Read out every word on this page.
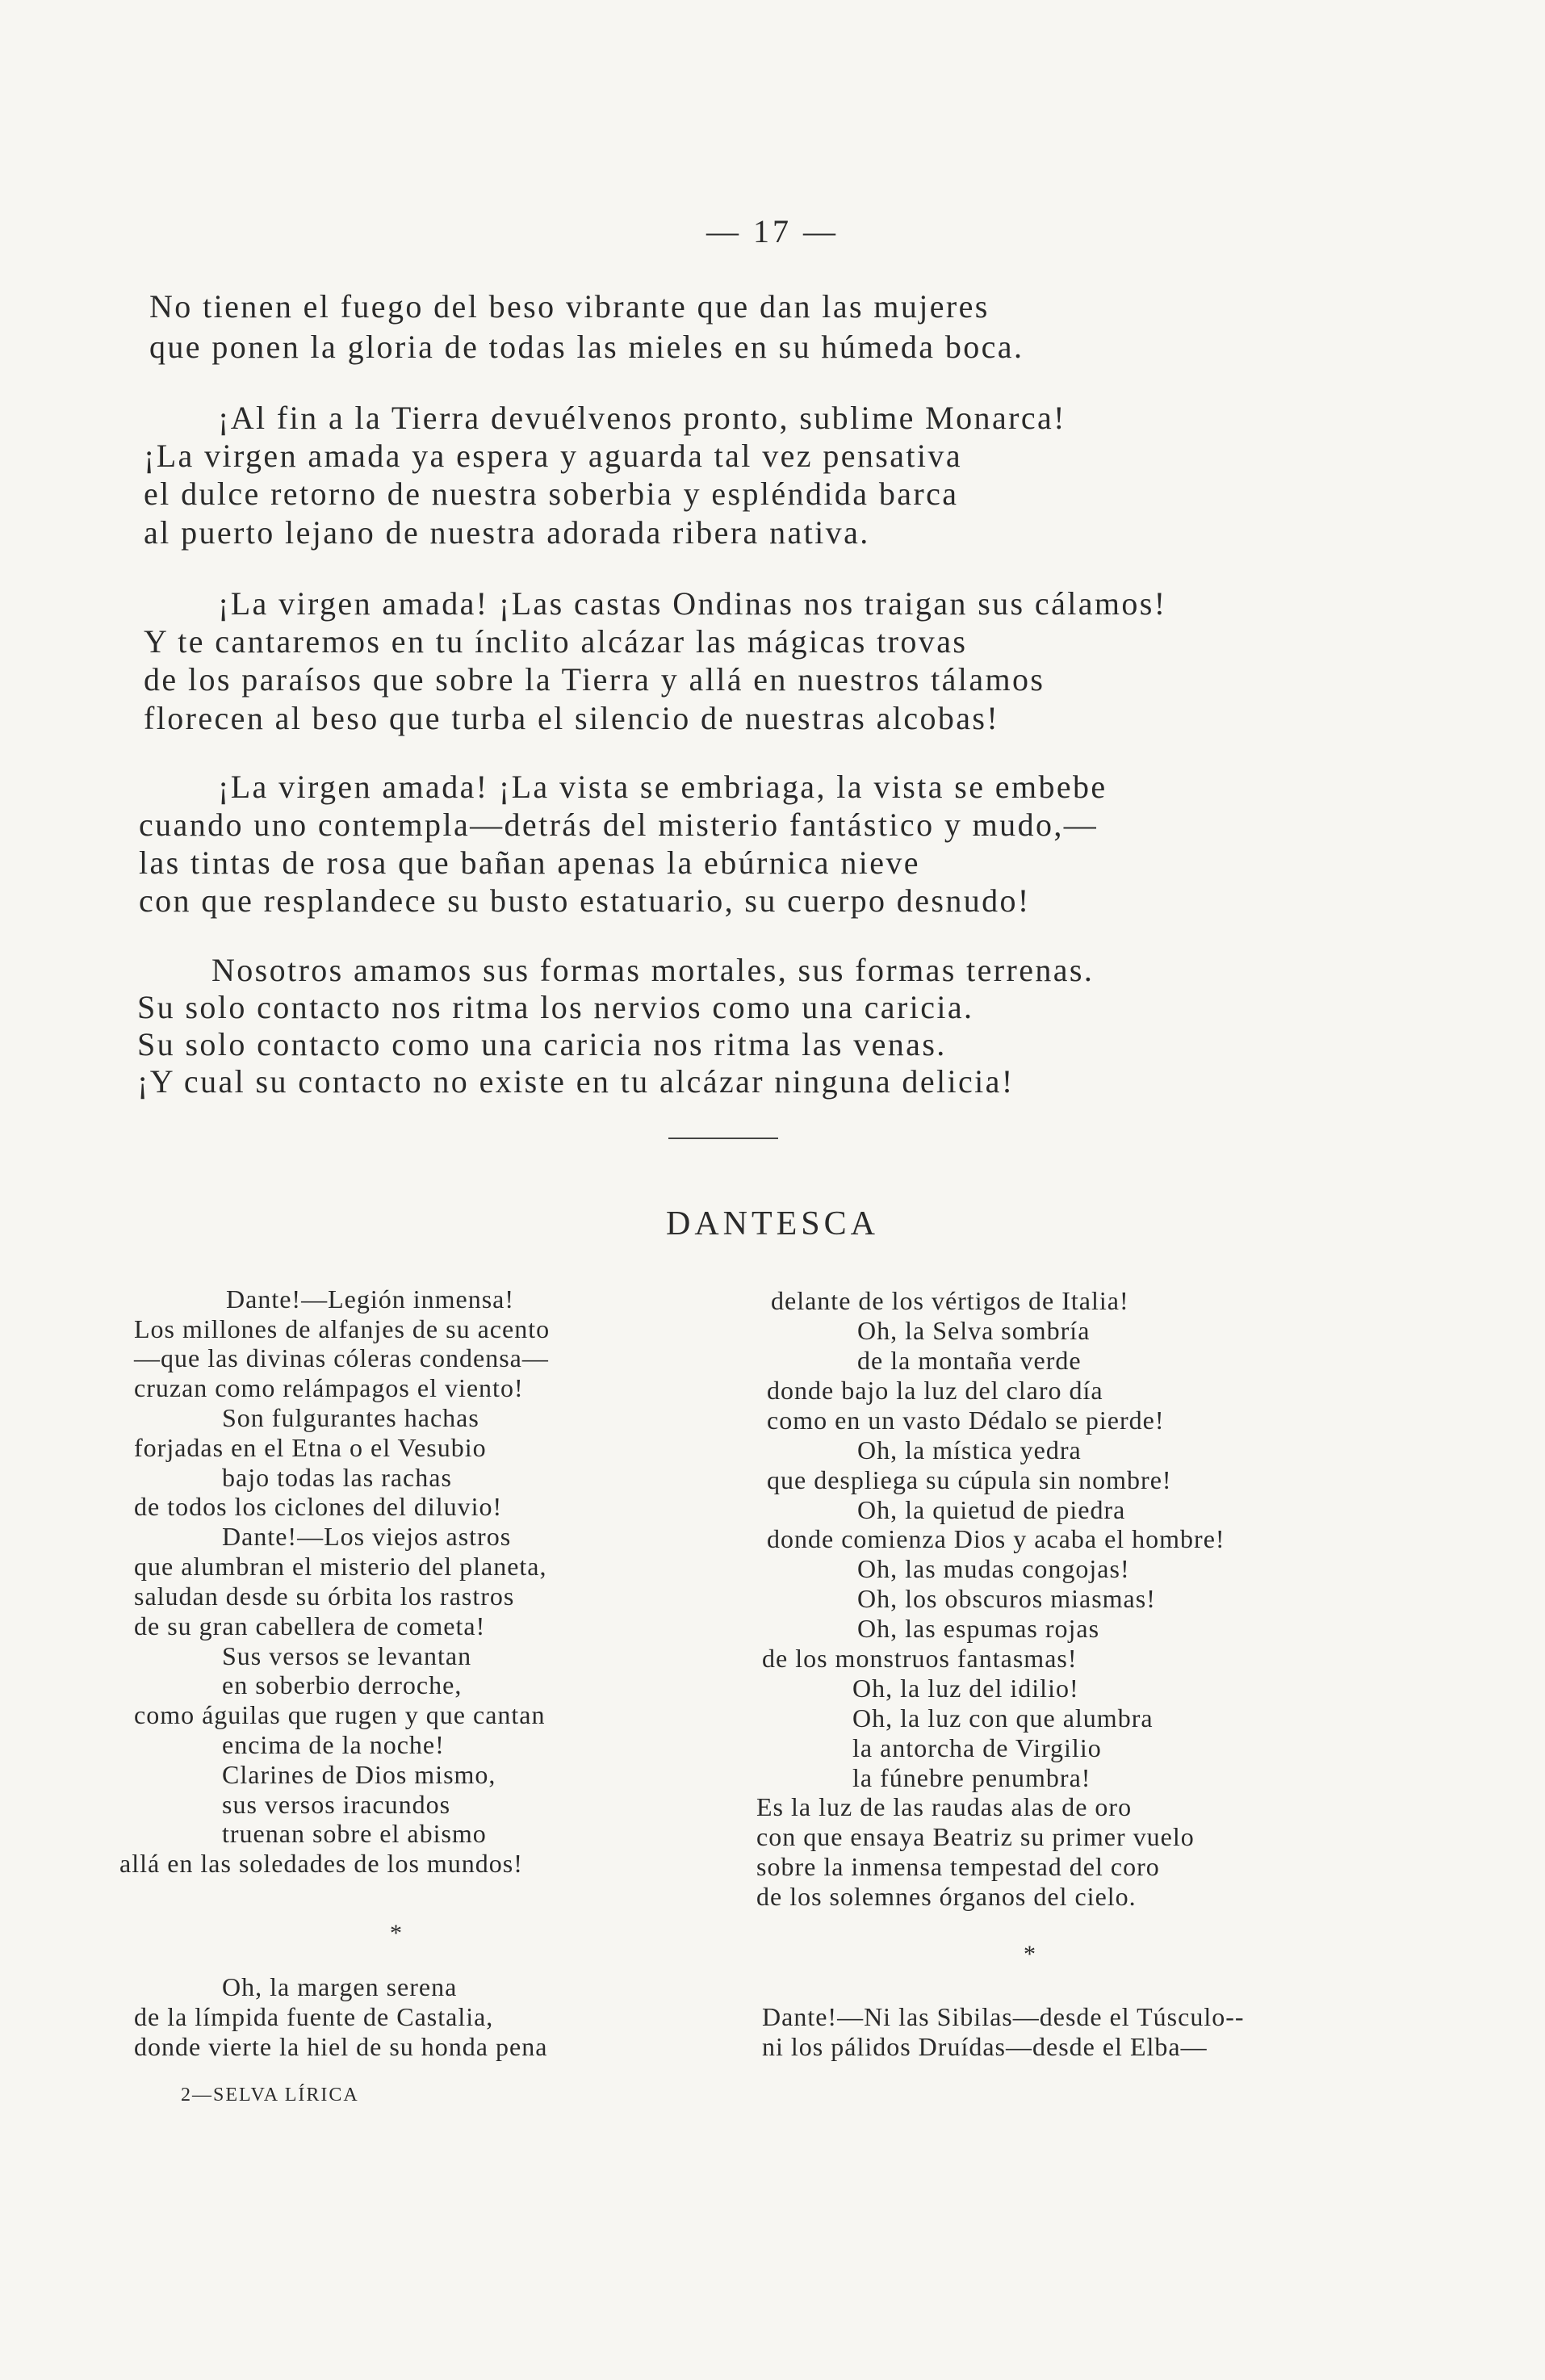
— 17 —
No tienen el fuego del beso vibrante que dan las mujeres
que ponen la gloria de todas las mieles en su húmeda boca.
¡Al fin a la Tierra devuélvenos pronto, sublime Monarca!
¡La virgen amada ya espera y aguarda tal vez pensativa
el dulce retorno de nuestra soberbia y espléndida barca
al puerto lejano de nuestra adorada ribera nativa.
¡La virgen amada! ¡Las castas Ondinas nos traigan sus cálamos!
Y te cantaremos en tu ínclito alcázar las mágicas trovas
de los paraísos que sobre la Tierra y allá en nuestros tálamos
florecen al beso que turba el silencio de nuestras alcobas!
¡La virgen amada! ¡La vista se embriaga, la vista se embebe
cuando uno contempla—detrás del misterio fantástico y mudo,—
las tintas de rosa que bañan apenas la ebúrnica nieve
con que resplandece su busto estatuario, su cuerpo desnudo!
Nosotros amamos sus formas mortales, sus formas terrenas.
Su solo contacto nos ritma los nervios como una caricia.
Su solo contacto como una caricia nos ritma las venas.
¡Y cual su contacto no existe en tu alcázar ninguna delicia!
DANTESCA
Dante!—Legión inmensa!
Los millones de alfanjes de su acento
—que las divinas cóleras condensa—
cruzan como relámpagos el viento!
Son fulgurantes hachas
forjadas en el Etna o el Vesubio
bajo todas las rachas
de todos los ciclones del diluvio!
Dante!—Los viejos astros
que alumbran el misterio del planeta,
saludan desde su órbita los rastros
de su gran cabellera de cometa!
Sus versos se levantan
en soberbio derroche,
como águilas que rugen y que cantan
encima de la noche!
Clarines de Dios mismo,
sus versos iracundos
truenan sobre el abismo
allá en las soledades de los mundos!
*
Oh, la margen serena
de la límpida fuente de Castalia,
donde vierte la hiel de su honda pena
delante de los vértigos de Italia!
Oh, la Selva sombría
de la montaña verde
donde bajo la luz del claro día
como en un vasto Dédalo se pierde!
Oh, la mística yedra
que despliega su cúpula sin nombre!
Oh, la quietud de piedra
donde comienza Dios y acaba el hombre!
Oh, las mudas congojas!
Oh, los obscuros miasmas!
Oh, las espumas rojas
de los monstruos fantasmas!
Oh, la luz del idilio!
Oh, la luz con que alumbra
la antorcha de Virgilio
la fúnebre penumbra!
Es la luz de las raudas alas de oro
con que ensaya Beatriz su primer vuelo
sobre la inmensa tempestad del coro
de los solemnes órganos del cielo.
*
Dante!—Ni las Sibilas—desde el Túsculo--
ni los pálidos Druídas—desde el Elba—
2—SELVA LÍRICA
